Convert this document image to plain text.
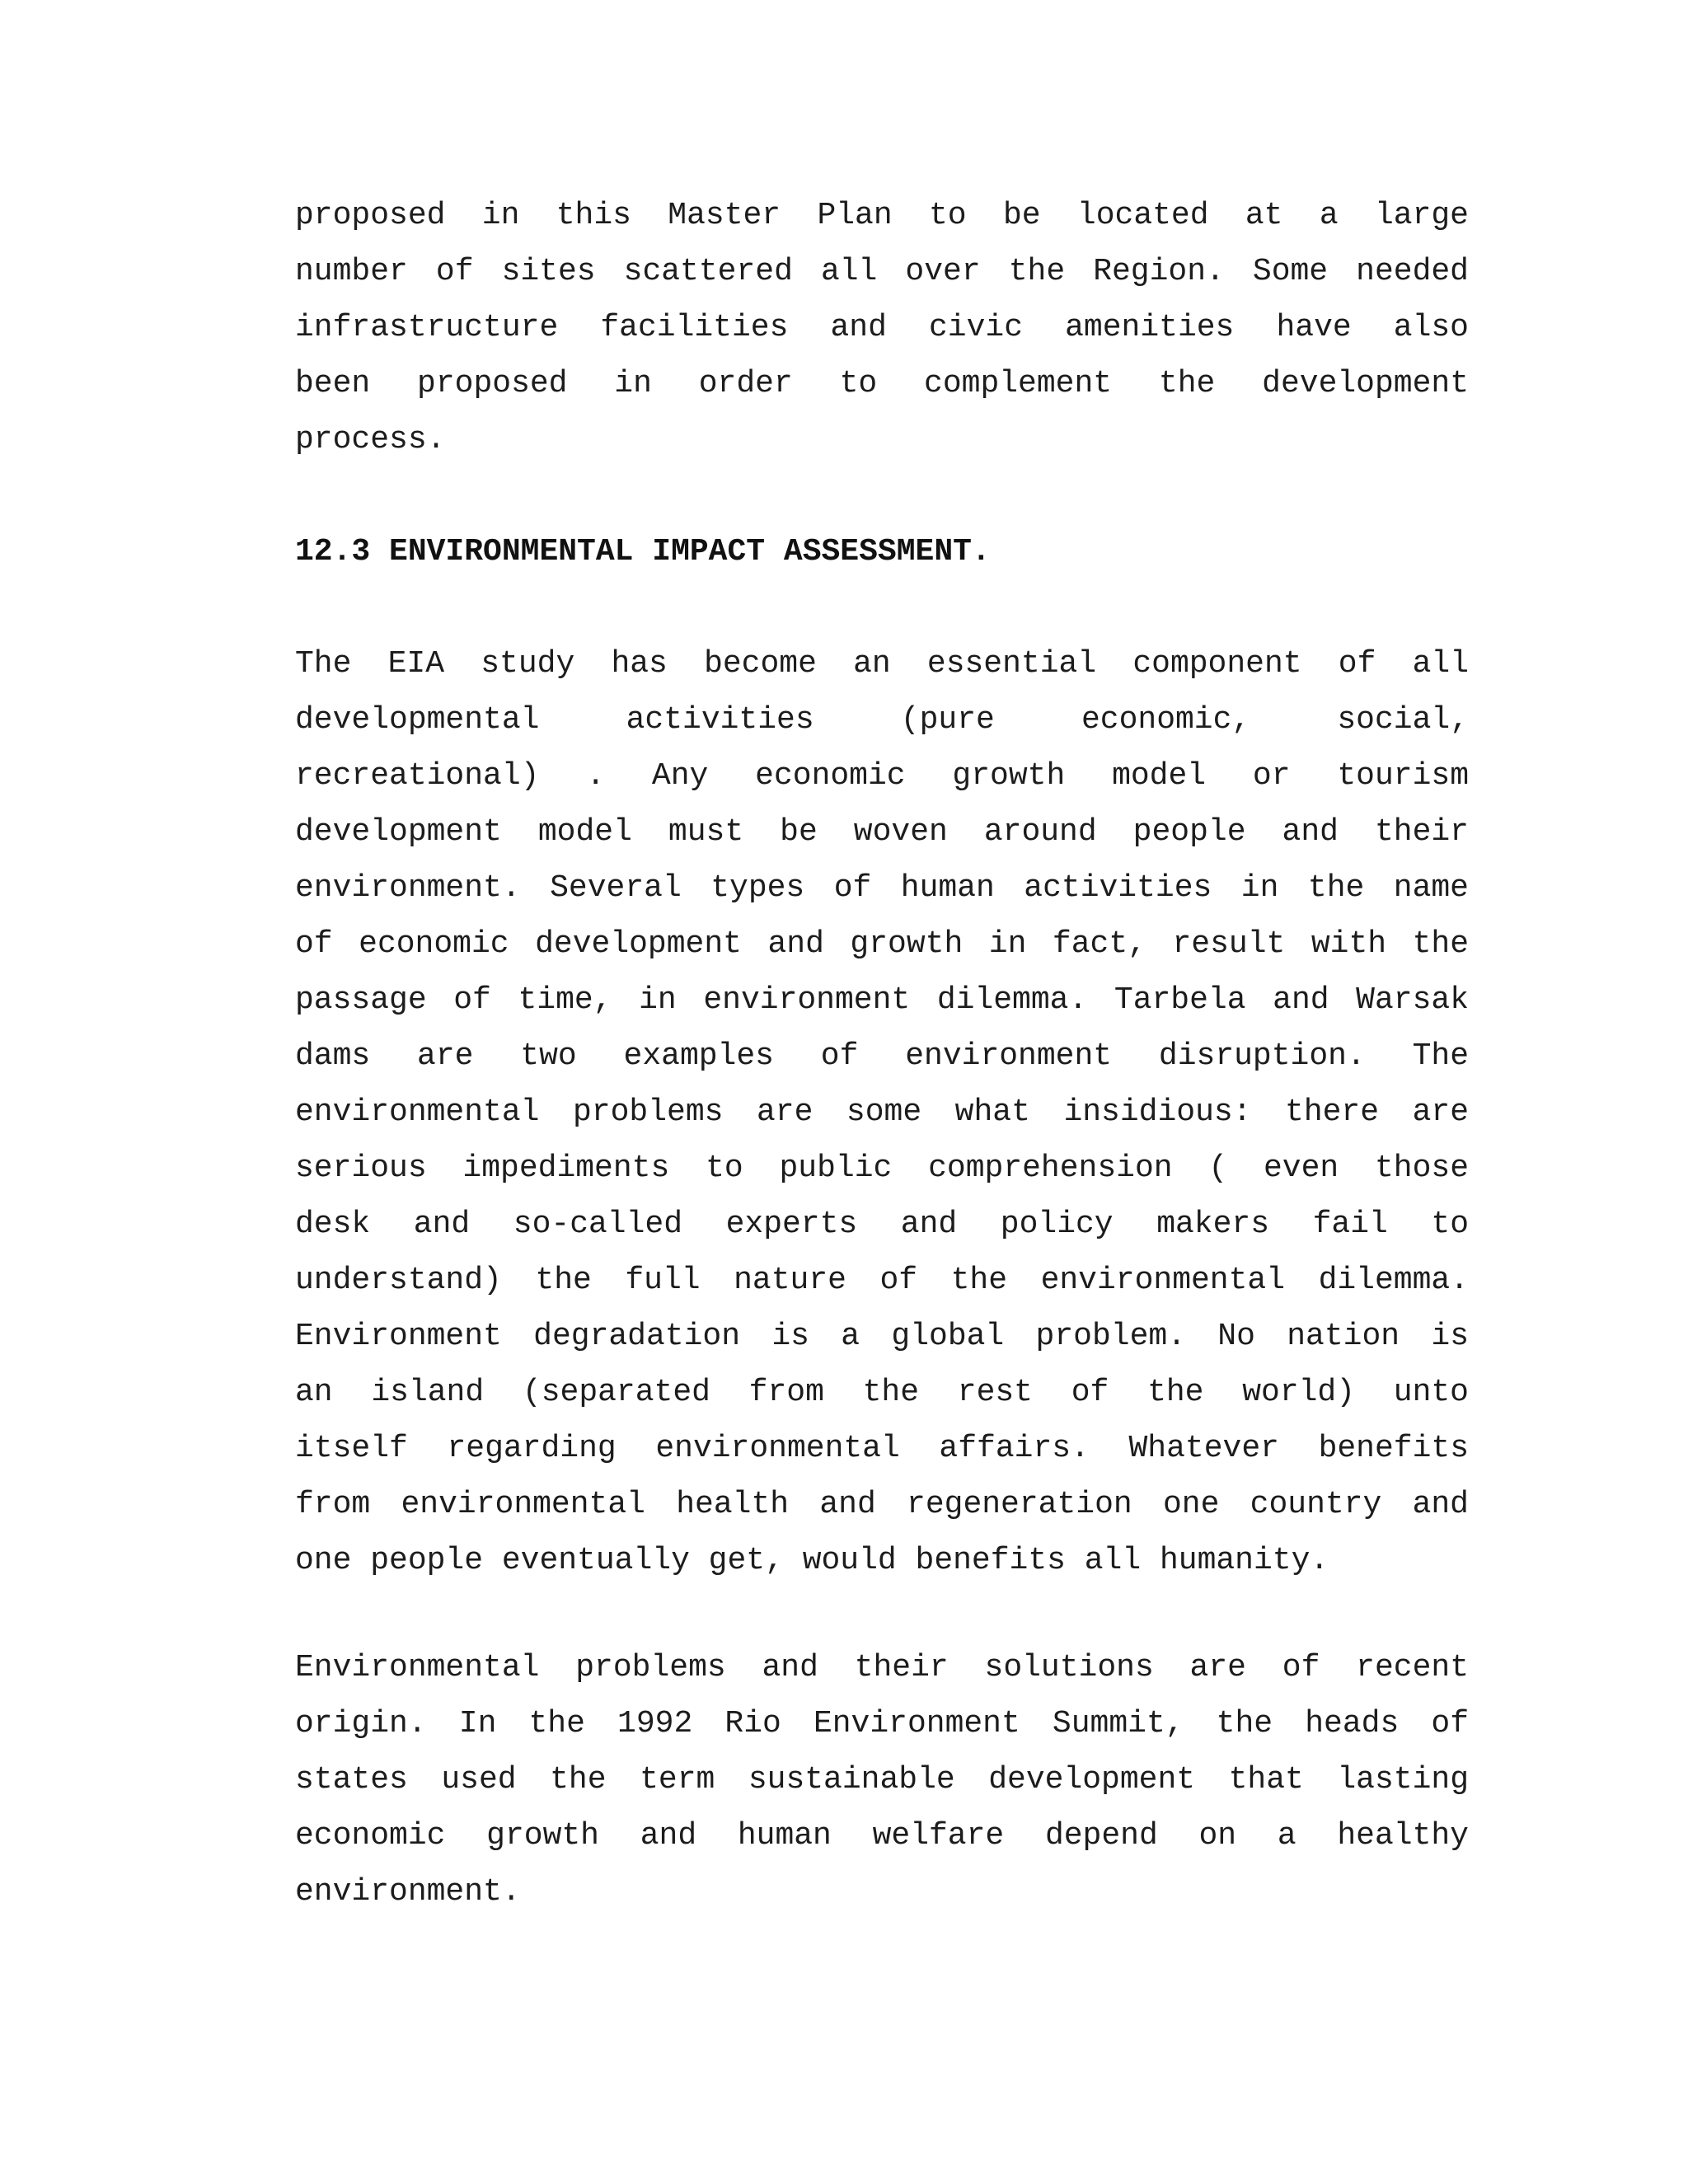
proposed in this Master Plan to be located at a large
number of sites scattered all over the Region. Some needed
infrastructure facilities and civic amenities have also
been proposed in order to complement the development
process.
12.3 ENVIRONMENTAL IMPACT ASSESSMENT.
The EIA study has become an essential component of all
developmental activities (pure economic, social,
recreational) . Any economic growth model or tourism
development model must be woven around people and their
environment. Several types of human activities in the name
of economic development and growth in fact, result with the
passage of time, in environment dilemma. Tarbela and Warsak
dams are two examples of environment disruption. The
environmental problems are some what insidious: there are
serious impediments to public comprehension ( even those
desk and so-called experts and policy makers fail to
understand) the full nature of the environmental dilemma.
Environment degradation is a global problem. No nation is
an island (separated from the rest of the world) unto
itself regarding environmental affairs. Whatever benefits
from environmental health and regeneration one country and
one people eventually get, would benefits all humanity.
Environmental problems and their solutions are of recent
origin. In the 1992 Rio Environment Summit, the heads of
states used the term sustainable development that lasting
economic growth and human welfare depend on a healthy
environment.
